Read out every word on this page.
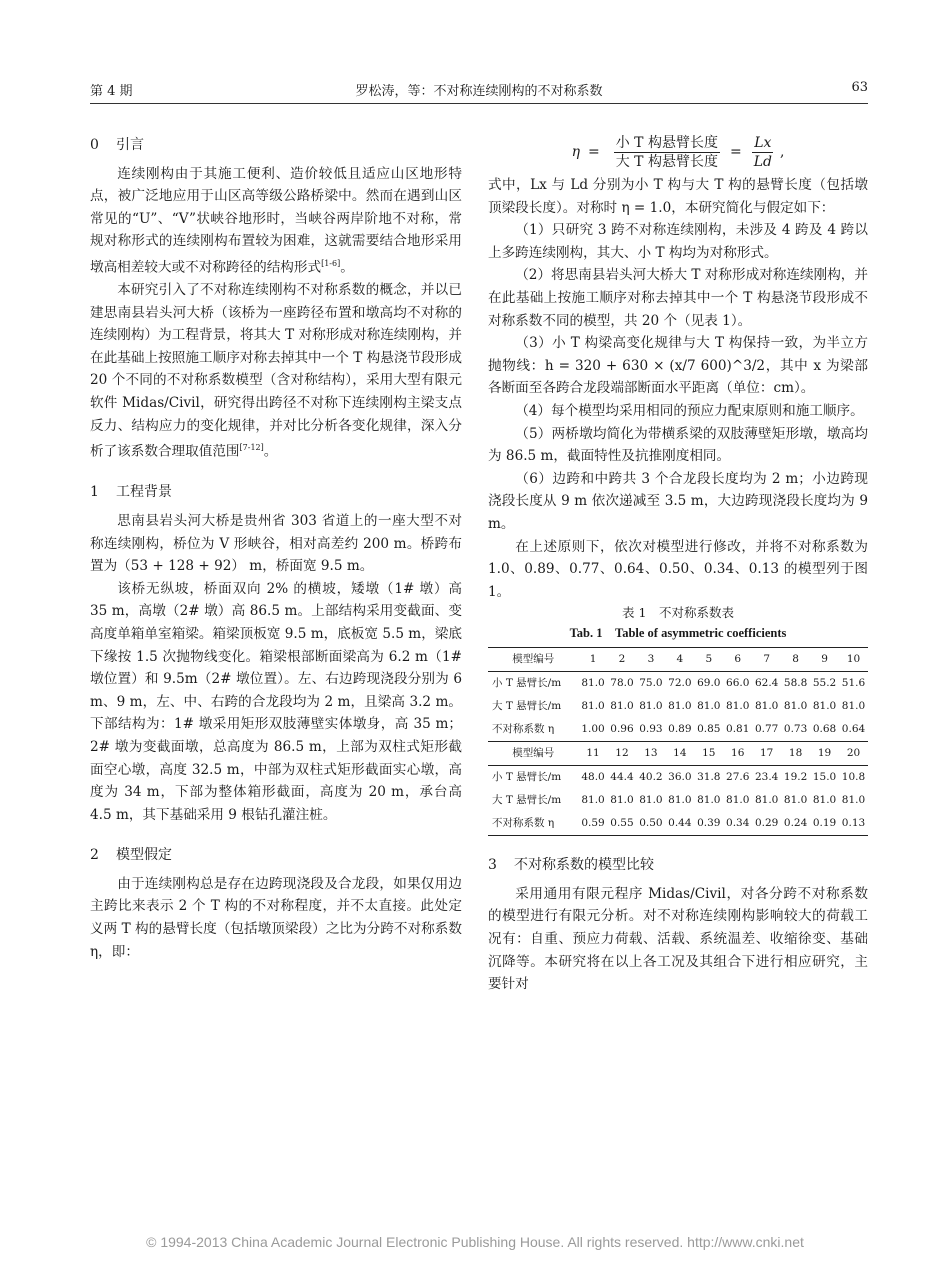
第 4 期	罗松涛，等：不对称连续刚构的不对称系数	63
0 引言

连续刚构由于其施工便利、造价较低且适应山区地形特点，被广泛地应用于山区高等级公路桥梁中。然而在遇到山区常见的“U”、“V”状峡谷地形时，当峡谷两岸阶地不对称，常规对称形式的连续刚构布置较为困难，这就需要结合地形采用墩高相差较大或不对称跨径的结构形式[1-6]。

本研究引入了不对称连续刚构不对称系数的概念，并以已建思南县岩头河大桥（该桥为一座跨径布置和墩高均不对称的连续刚构）为工程背景，将其大 T 对称形成对称连续刚构，并在此基础上按照施工顺序对称去掉其中一个 T 构悬浇节段形成 20 个不同的不对称系数模型（含对称结构），采用大型有限元软件 Midas/Civil，研究得出跨径不对称下连续刚构主梁支点反力、结构应力的变化规律，并对比分析各变化规律，深入分析了该系数合理取值范围[7-12]。

1 工程背景

思南县岩头河大桥是贵州省 303 省道上的一座大型不对称连续刚构，桥位为 V 形峡谷，相对高差约 200 m。桥跨布置为（53 + 128 + 92） m，桥面宽 9.5 m。

该桥无纵坡，桥面双向 2% 的横坡，矮墩（1# 墩）高 35 m，高墩（2# 墩）高 86.5 m。上部结构采用变截面、变高度单箱单室箱梁。箱梁顶板宽 9.5 m，底板宽 5.5 m，梁底下缘按 1.5 次抛物线变化。箱梁根部断面梁高为 6.2 m（1# 墩位置）和 9.5m（2# 墩位置）。左、右边跨现浇段分别为 6 m、9 m，左、中、右跨的合龙段均为 2 m，且梁高 3.2 m。下部结构为：1# 墩采用矩形双肢薄壁实体墩身，高 35 m；2# 墩为变截面墩，总高度为 86.5 m，上部为双柱式矩形截面空心墩，高度 32.5 m，中部为双柱式矩形截面实心墩，高度为 34 m，下部为整体箱形截面，高度为 20 m，承台高 4.5 m，其下基础采用 9 根钻孔灌注桩。

2 模型假定

由于连续刚构总是存在边跨现浇段及合龙段，如果仅用边主跨比来表示 2 个 T 构的不对称程度，并不太直接。此处定义两 T 构的悬臂长度（包括墩顶梁段）之比为分跨不对称系数 η，即：

$\eta = \frac{\text{小 T 构悬臂长度}}{\text{大 T 构悬臂长度}} = \frac{Lx}{Ld}$ ,

式中，Lx 与 Ld 分别为小 T 构与大 T 构的悬臂长度（包括墩顶梁段长度）。对称时 η = 1.0，本研究简化与假定如下：

（1）只研究 3 跨不对称连续刚构，未涉及 4 跨及 4 跨以上多跨连续刚构，其大、小 T 构均为对称形式。

（2）将思南县岩头河大桥大 T 对称形成对称连续刚构，并在此基础上按施工顺序对称去掉其中一个 T 构悬浇节段形成不对称系数不同的模型，共 20 个（见表 1）。

（3）小 T 构梁高变化规律与大 T 构保持一致，为半立方抛物线：h = 320 + 630 × (x/7 600)^3/2，其中 x 为梁部各断面至各跨合龙段端部断面水平距离（单位：cm）。

（4）每个模型均采用相同的预应力配束原则和施工顺序。

（5）两桥墩均简化为带横系梁的双肢薄壁矩形墩，墩高均为 86.5 m，截面特性及抗推刚度相同。

（6）边跨和中跨共 3 个合龙段长度均为 2 m；小边跨现浇段长度从 9 m 依次递减至 3.5 m，大边跨现浇段长度均为 9 m。

在上述原则下，依次对模型进行修改，并将不对称系数为 1.0、0.89、0.77、0.64、0.50、0.34、0.13 的模型列于图 1。

表 1　不对称系数表
Tab. 1　Table of asymmetric coefficients
模型编号	1	2	3	4	5	6	7	8	9	10
小 T 悬臂长/m	81.0	78.0	75.0	72.0	69.0	66.0	62.4	58.8	55.2	51.6
大 T 悬臂长/m	81.0	81.0	81.0	81.0	81.0	81.0	81.0	81.0	81.0	81.0
不对称系数 η	1.00	0.96	0.93	0.89	0.85	0.81	0.77	0.73	0.68	0.64
模型编号	11	12	13	14	15	16	17	18	19	20
小 T 悬臂长/m	48.0	44.4	40.2	36.0	31.8	27.6	23.4	19.2	15.0	10.8
大 T 悬臂长/m	81.0	81.0	81.0	81.0	81.0	81.0	81.0	81.0	81.0	81.0
不对称系数 η	0.59	0.55	0.50	0.44	0.39	0.34	0.29	0.24	0.19	0.13
3 不对称系数的模型比较

采用通用有限元程序 Midas/Civil，对各分跨不对称系数的模型进行有限元分析。对不对称连续刚构影响较大的荷载工况有：自重、预应力荷载、活载、系统温差、收缩徐变、基础沉降等。本研究将在以上各工况及其组合下进行相应研究，主要针对

© 1994-2013 China Academic Journal Electronic Publishing House. All rights reserved. http://www.cnki.net
